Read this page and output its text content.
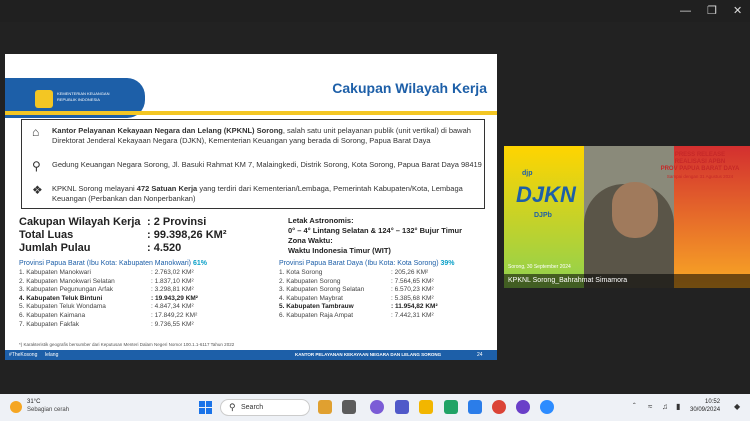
— ❐ ✕
KEMENTERIAN KEUANGAN
REPUBLIK INDONESIA
Cakupan Wilayah Kerja
⌂	Kantor Pelayanan Kekayaan Negara dan Lelang (KPKNL) Sorong, salah satu unit pelayanan publik (unit vertikal) di bawah Direktorat Jenderal Kekayaan Negara (DJKN), Kementerian Keuangan yang berada di Sorong, Papua Barat Daya
⚲	Gedung Keuangan Negara Sorong, Jl. Basuki Rahmat KM 7, Malaingkedi, Distrik Sorong, Kota Sorong, Papua Barat Daya 98419
❖ KPKNL Sorong melayani 472 Satuan Kerja yang terdiri dari Kementerian/Lembaga, Pemerintah Kabupaten/Kota, Lembaga Keuangan (Perbankan dan Nonperbankan)
Cakupan Wilayah Kerja : 2 Provinsi
Total Luas	: 99.398,26 KM²
Jumlah Pulau	: 4.520
Letak Astronomis:
0° – 4° Lintang Selatan & 124° – 132° Bujur Timur
Zona Waktu:
Waktu Indonesia Timur (WIT)
Provinsi Papua Barat (Ibu Kota: Kabupaten Manokwari) 61%
1. Kabupaten Manokwari	: 2.763,02 KM²
2. Kabupaten Manokwari Selatan	: 1.837,10 KM²
3. Kabupaten Pegunungan Arfak	: 3.298,81 KM²
4. Kabupaten Teluk Bintuni	: 19.943,29 KM²
5. Kabupaten Teluk Wondama	: 4.847,34 KM²
6. Kabupaten Kaimana	: 17.849,22 KM²
7. Kabupaten Fakfak	: 9.736,55 KM²
Provinsi Papua Barat Daya (Ibu Kota: Kota Sorong) 39%
1. Kota Sorong	: 205,26 KM²
2. Kabupaten Sorong	: 7.564,65 KM²
3. Kabupaten Sorong Selatan	: 6.570,23 KM²
4. Kabupaten Maybrat	: 5.385,68 KM²
5. Kabupaten Tambrauw	: 11.954,82 KM²
6. Kabupaten Raja Ampat	: 7.442,31 KM²
*) Karakteristik geografis bersumber dari Keputusan Menteri Dalam Negeri Nomor 100.1.1-6117 Tahun 2022
#TheKosong lelang	KANTOR PELAYANAN KEKAYAAN NEGARA DAN LELANG SORONG	24
djp
DJKN
DJPb
PRESS RELEASE
REALISASI APBN
PROV PAPUA BARAT DAYA
Sampai dengan 31 Agustus 2024
Sorong, 30 September 2024
KPKNL Sorong_Bahrahmat Simamora
31°C
Sebagian cerah	⚲ Search	ˆ ≈ ♫ ▮	10:52
30/09/2024 ◆
